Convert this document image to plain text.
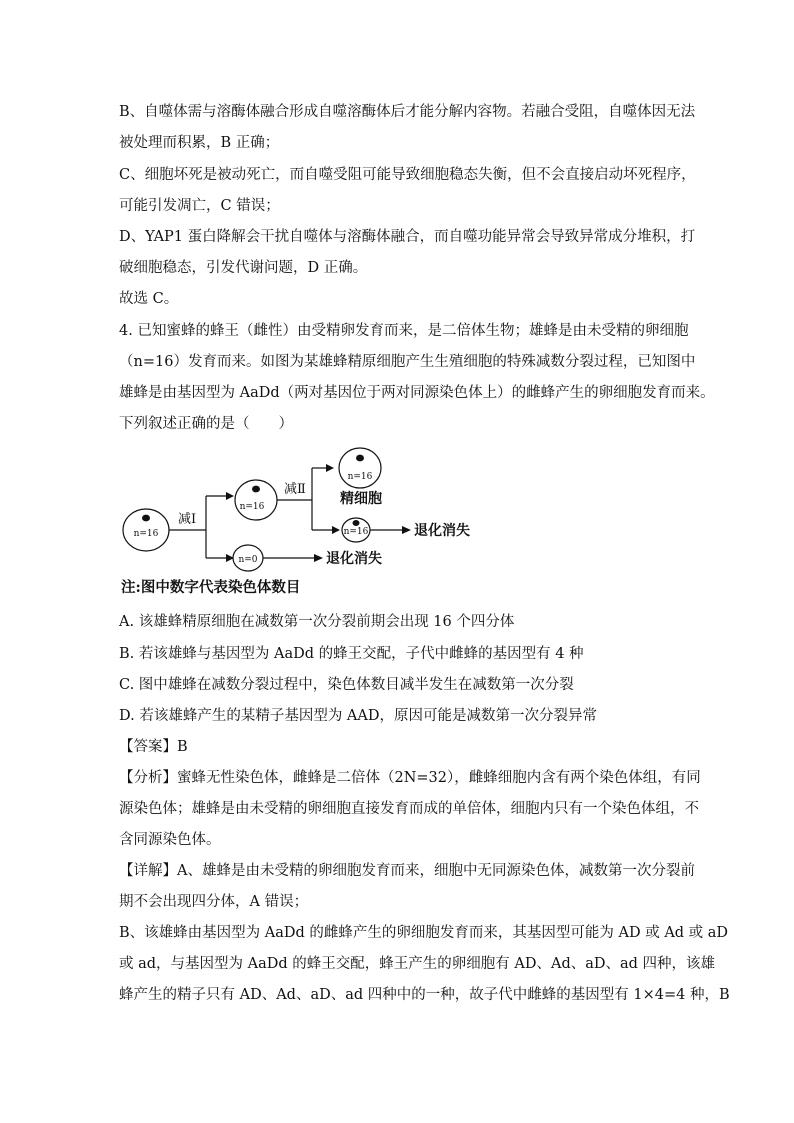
B、自噬体需与溶酶体融合形成自噬溶酶体后才能分解内容物。若融合受阻，自噬体因无法
被处理而积累，B 正确；
C、细胞坏死是被动死亡，而自噬受阻可能导致细胞稳态失衡，但不会直接启动坏死程序，
可能引发凋亡，C 错误；
D、YAP1 蛋白降解会干扰自噬体与溶酶体融合，而自噬功能异常会导致异常成分堆积，打
破细胞稳态，引发代谢问题，D 正确。
故选 C。
4. 已知蜜蜂的蜂王（雌性）由受精卵发育而来，是二倍体生物；雄蜂是由未受精的卵细胞
（n=16）发育而来。如图为某雄蜂精原细胞产生生殖细胞的特殊减数分裂过程，已知图中
雄蜂是由基因型为 AaDd（两对基因位于两对同源染色体上）的雌蜂产生的卵细胞发育而来。
下列叙述正确的是（　　）
n=16
减Ⅰ
n=16
n=0	退化消失
减Ⅱ
n=16
精细胞
n=16	退化消失
注:图中数字代表染色体数目
A. 该雄蜂精原细胞在减数第一次分裂前期会出现 16 个四分体
B. 若该雄蜂与基因型为 AaDd 的蜂王交配，子代中雌蜂的基因型有 4 种
C. 图中雄蜂在减数分裂过程中，染色体数目减半发生在减数第一次分裂
D. 若该雄蜂产生的某精子基因型为 AAD，原因可能是减数第一次分裂异常
【答案】B
【分析】蜜蜂无性染色体，雌蜂是二倍体（2N=32），雌蜂细胞内含有两个染色体组，有同
源染色体；雄蜂是由未受精的卵细胞直接发育而成的单倍体，细胞内只有一个染色体组，不
含同源染色体。
【详解】A、雄蜂是由未受精的卵细胞发育而来，细胞中无同源染色体，减数第一次分裂前
期不会出现四分体，A 错误；
B、该雄蜂由基因型为 AaDd 的雌蜂产生的卵细胞发育而来，其基因型可能为 AD 或 Ad 或 aD
或 ad，与基因型为 AaDd 的蜂王交配，蜂王产生的卵细胞有 AD、Ad、aD、ad 四种，该雄
蜂产生的精子只有 AD、Ad、aD、ad 四种中的一种，故子代中雌蜂的基因型有 1×4=4 种，B
